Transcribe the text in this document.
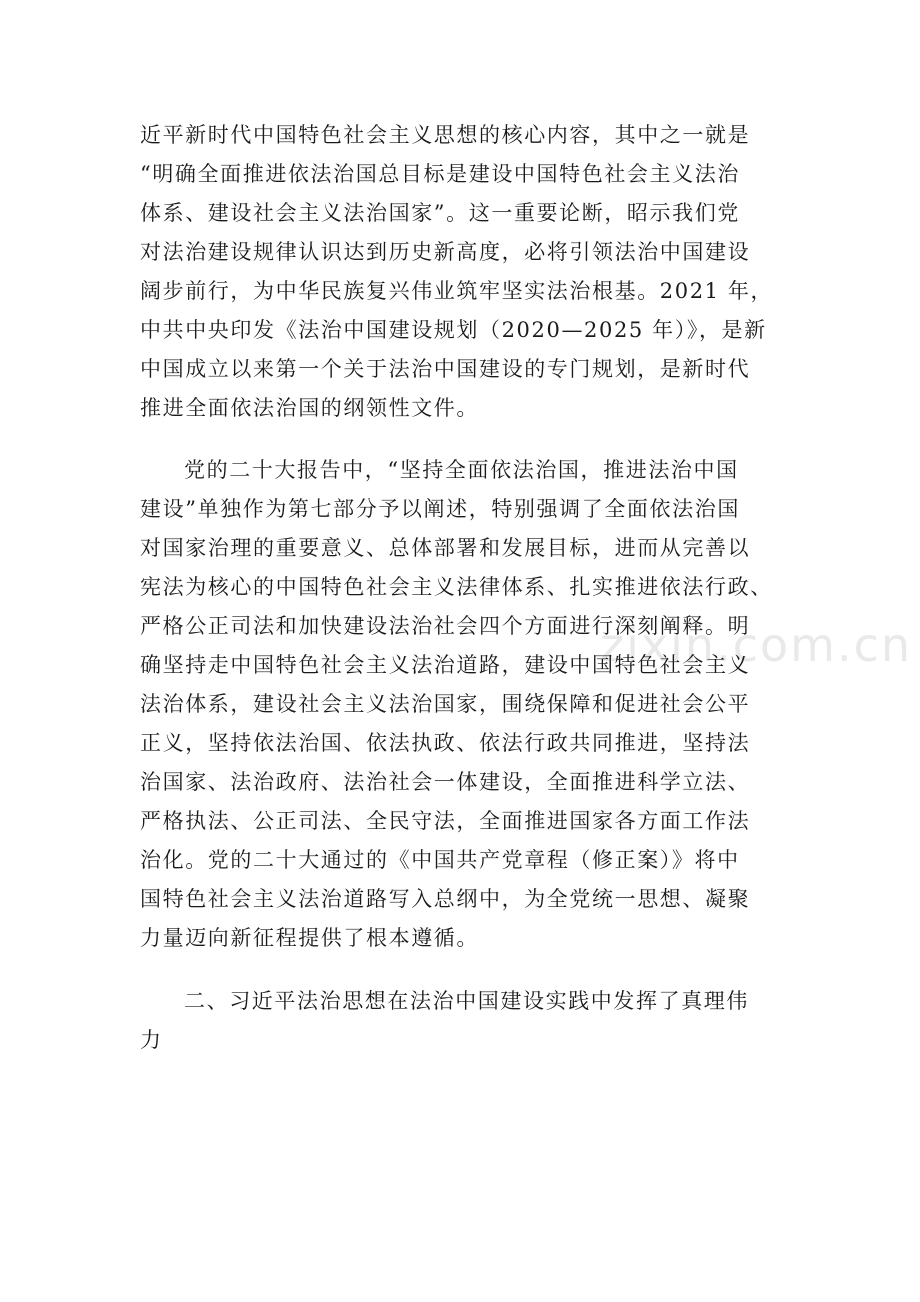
zixin.com.cn

近平新时代中国特色社会主义思想的核心内容，其中之一就是
“明确全面推进依法治国总目标是建设中国特色社会主义法治
体系、建设社会主义法治国家”。这一重要论断，昭示我们党
对法治建设规律认识达到历史新高度，必将引领法治中国建设
阔步前行，为中华民族复兴伟业筑牢坚实法治根基。2021 年，
中共中央印发《法治中国建设规划（2020—2025 年）》，是新
中国成立以来第一个关于法治中国建设的专门规划，是新时代
推进全面依法治国的纲领性文件。

党的二十大报告中，“坚持全面依法治国，推进法治中国
建设”单独作为第七部分予以阐述，特别强调了全面依法治国
对国家治理的重要意义、总体部署和发展目标，进而从完善以
宪法为核心的中国特色社会主义法律体系、扎实推进依法行政、
严格公正司法和加快建设法治社会四个方面进行深刻阐释。明
确坚持走中国特色社会主义法治道路，建设中国特色社会主义
法治体系，建设社会主义法治国家，围绕保障和促进社会公平
正义，坚持依法治国、依法执政、依法行政共同推进，坚持法
治国家、法治政府、法治社会一体建设，全面推进科学立法、
严格执法、公正司法、全民守法，全面推进国家各方面工作法
治化。党的二十大通过的《中国共产党章程（修正案）》将中
国特色社会主义法治道路写入总纲中，为全党统一思想、凝聚
力量迈向新征程提供了根本遵循。

二、习近平法治思想在法治中国建设实践中发挥了真理伟
力
